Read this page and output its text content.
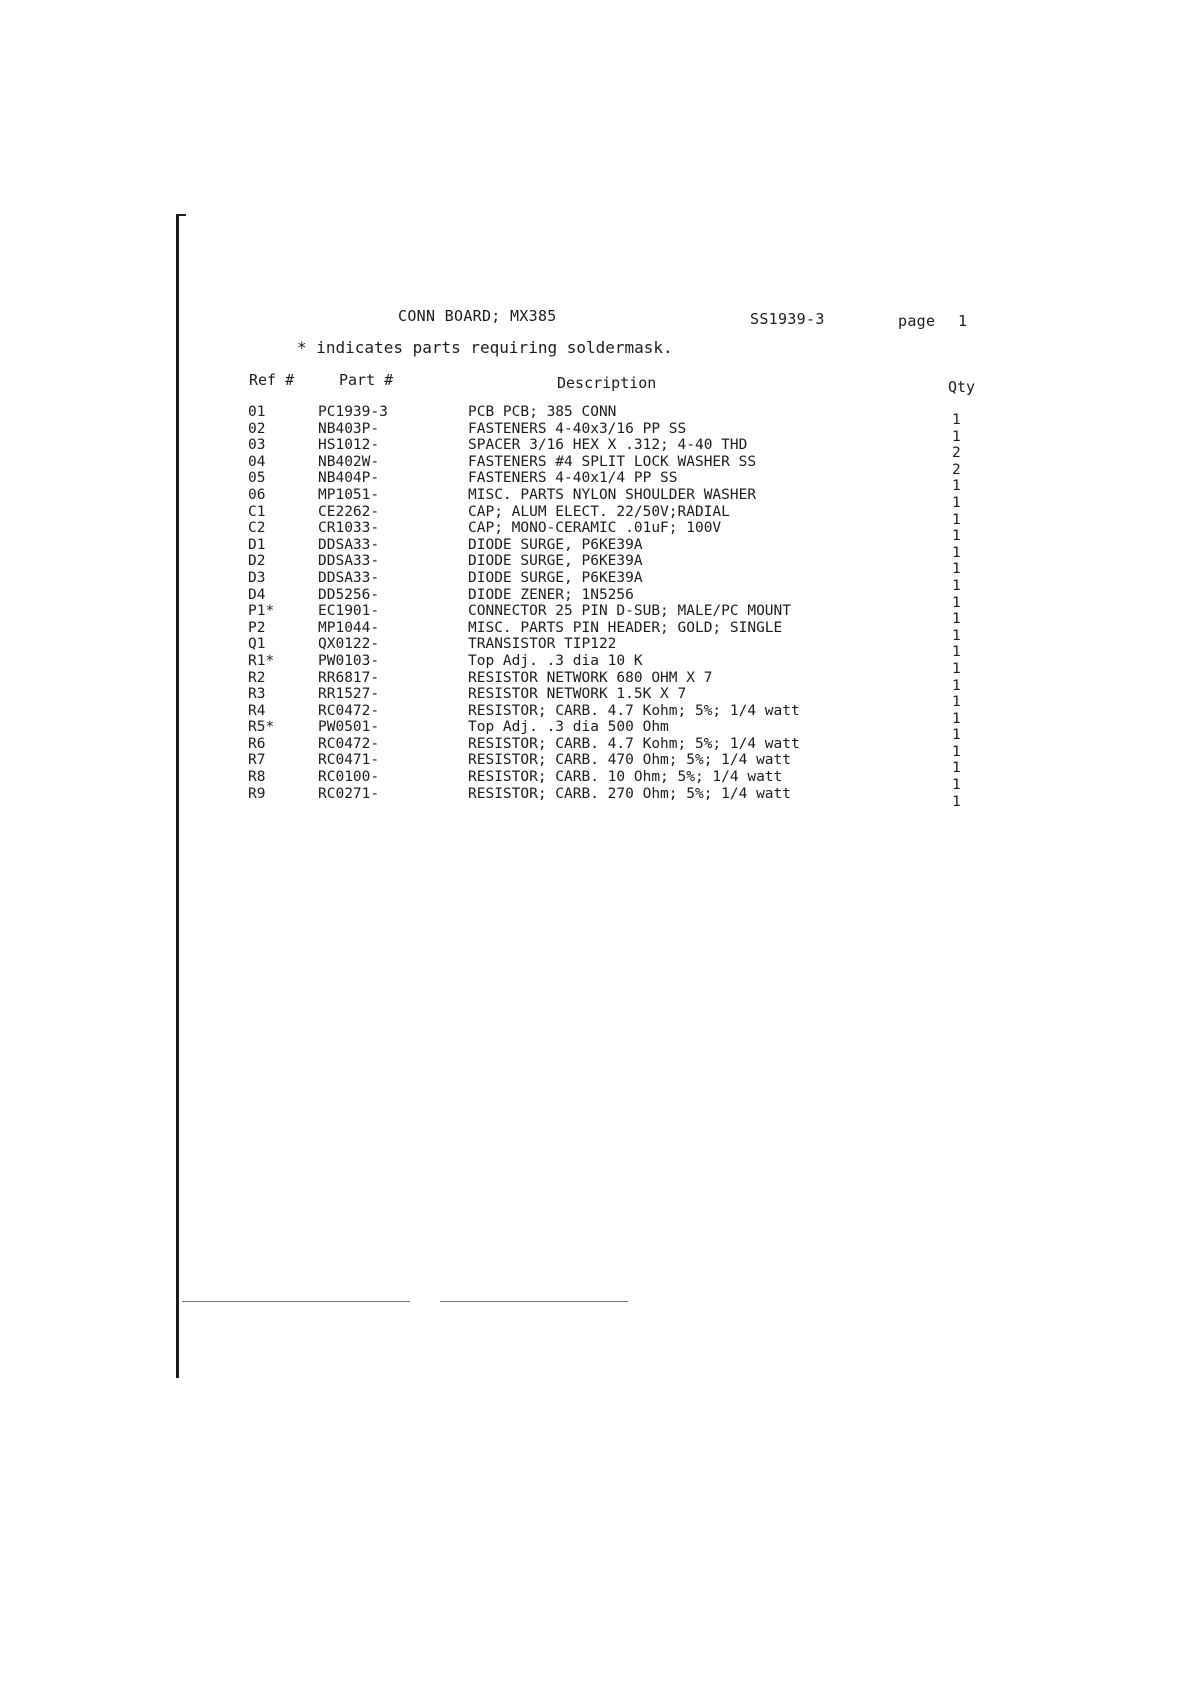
CONN BOARD; MX385	SS1939-3	page 1
* indicates parts requiring soldermask.
Ref #	Part #	Description	Qty
01	PC1939-3	PCB PCB; 385 CONN	1
02	NB403P-	FASTENERS 4-40x3/16 PP SS	1
03	HS1012-	SPACER 3/16 HEX X .312; 4-40 THD	2
04	NB402W-	FASTENERS #4 SPLIT LOCK WASHER SS	2
05	NB404P-	FASTENERS 4-40x1/4 PP SS	1
06	MP1051-	MISC. PARTS NYLON SHOULDER WASHER	1
C1	CE2262-	CAP; ALUM ELECT. 22/50V;RADIAL	1
C2	CR1033-	CAP; MONO-CERAMIC .01uF; 100V	1
D1	DDSA33-	DIODE SURGE, P6KE39A	1
D2	DDSA33-	DIODE SURGE, P6KE39A	1
D3	DDSA33-	DIODE SURGE, P6KE39A	1
D4	DD5256-	DIODE ZENER; 1N5256	1
P1*	EC1901-	CONNECTOR 25 PIN D-SUB; MALE/PC MOUNT	1
P2	MP1044-	MISC. PARTS PIN HEADER; GOLD; SINGLE	1
Q1	QX0122-	TRANSISTOR TIP122	1
R1*	PW0103-	Top Adj. .3 dia 10 K	1
R2	RR6817-	RESISTOR NETWORK 680 OHM X 7	1
R3	RR1527-	RESISTOR NETWORK 1.5K X 7	1
R4	RC0472-	RESISTOR; CARB. 4.7 Kohm; 5%; 1/4 watt	1
R5*	PW0501-	Top Adj. .3 dia 500 Ohm	1
R6	RC0472-	RESISTOR; CARB. 4.7 Kohm; 5%; 1/4 watt	1
R7	RC0471-	RESISTOR; CARB. 470 Ohm; 5%; 1/4 watt	1
R8	RC0100-	RESISTOR; CARB. 10 Ohm; 5%; 1/4 watt	1
R9	RC0271-	RESISTOR; CARB. 270 Ohm; 5%; 1/4 watt	1
